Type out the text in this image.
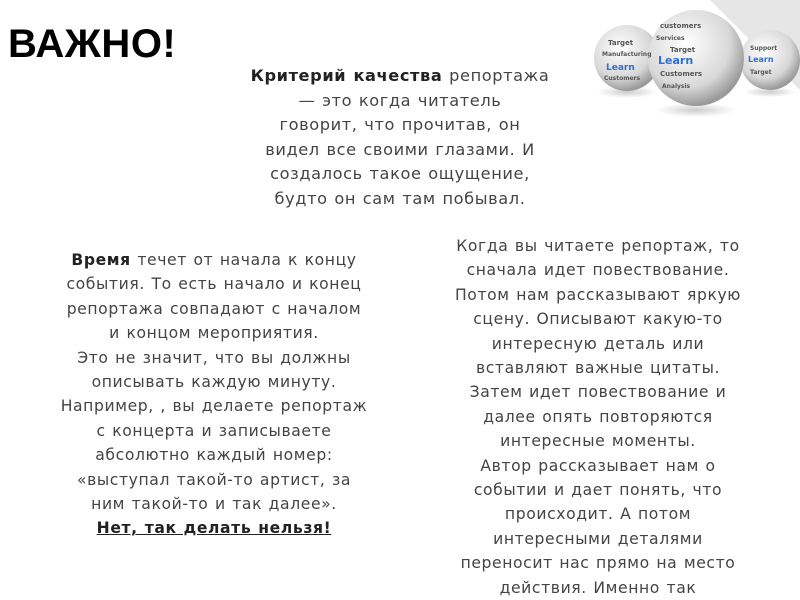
ВАЖНО!	Target
Manufacturing
Learn
Customers
customers
Services
Target
Learn
Customers
Analysis
Support
Learn
Target

Критерий качества репортажа

— это когда читатель

говорит, что прочитав, он

видел все своими глазами. И

создалось такое ощущение,

будто он сам там побывал.

Время течет от начала к концу

события. То есть начало и конец

репортажа совпадают с началом

и концом мероприятия.

Это не значит, что вы должны

описывать каждую минуту.

Например, , вы делаете репортаж

с концерта и записываете

абсолютно каждый номер:

«выступал такой-то артист, за

ним такой-то и так далее».

Нет, так делать нельзя!

Когда вы читаете репортаж, то

сначала идет повествование.

Потом нам рассказывают яркую

сцену. Описывают какую-то

интересную деталь или

вставляют важные цитаты.

Затем идет повествование и

далее опять повторяются

интересные моменты.

Автор рассказывает нам о

событии и дает понять, что

происходит. А потом

интересными деталями

переносит нас прямо на место

действия. Именно так
